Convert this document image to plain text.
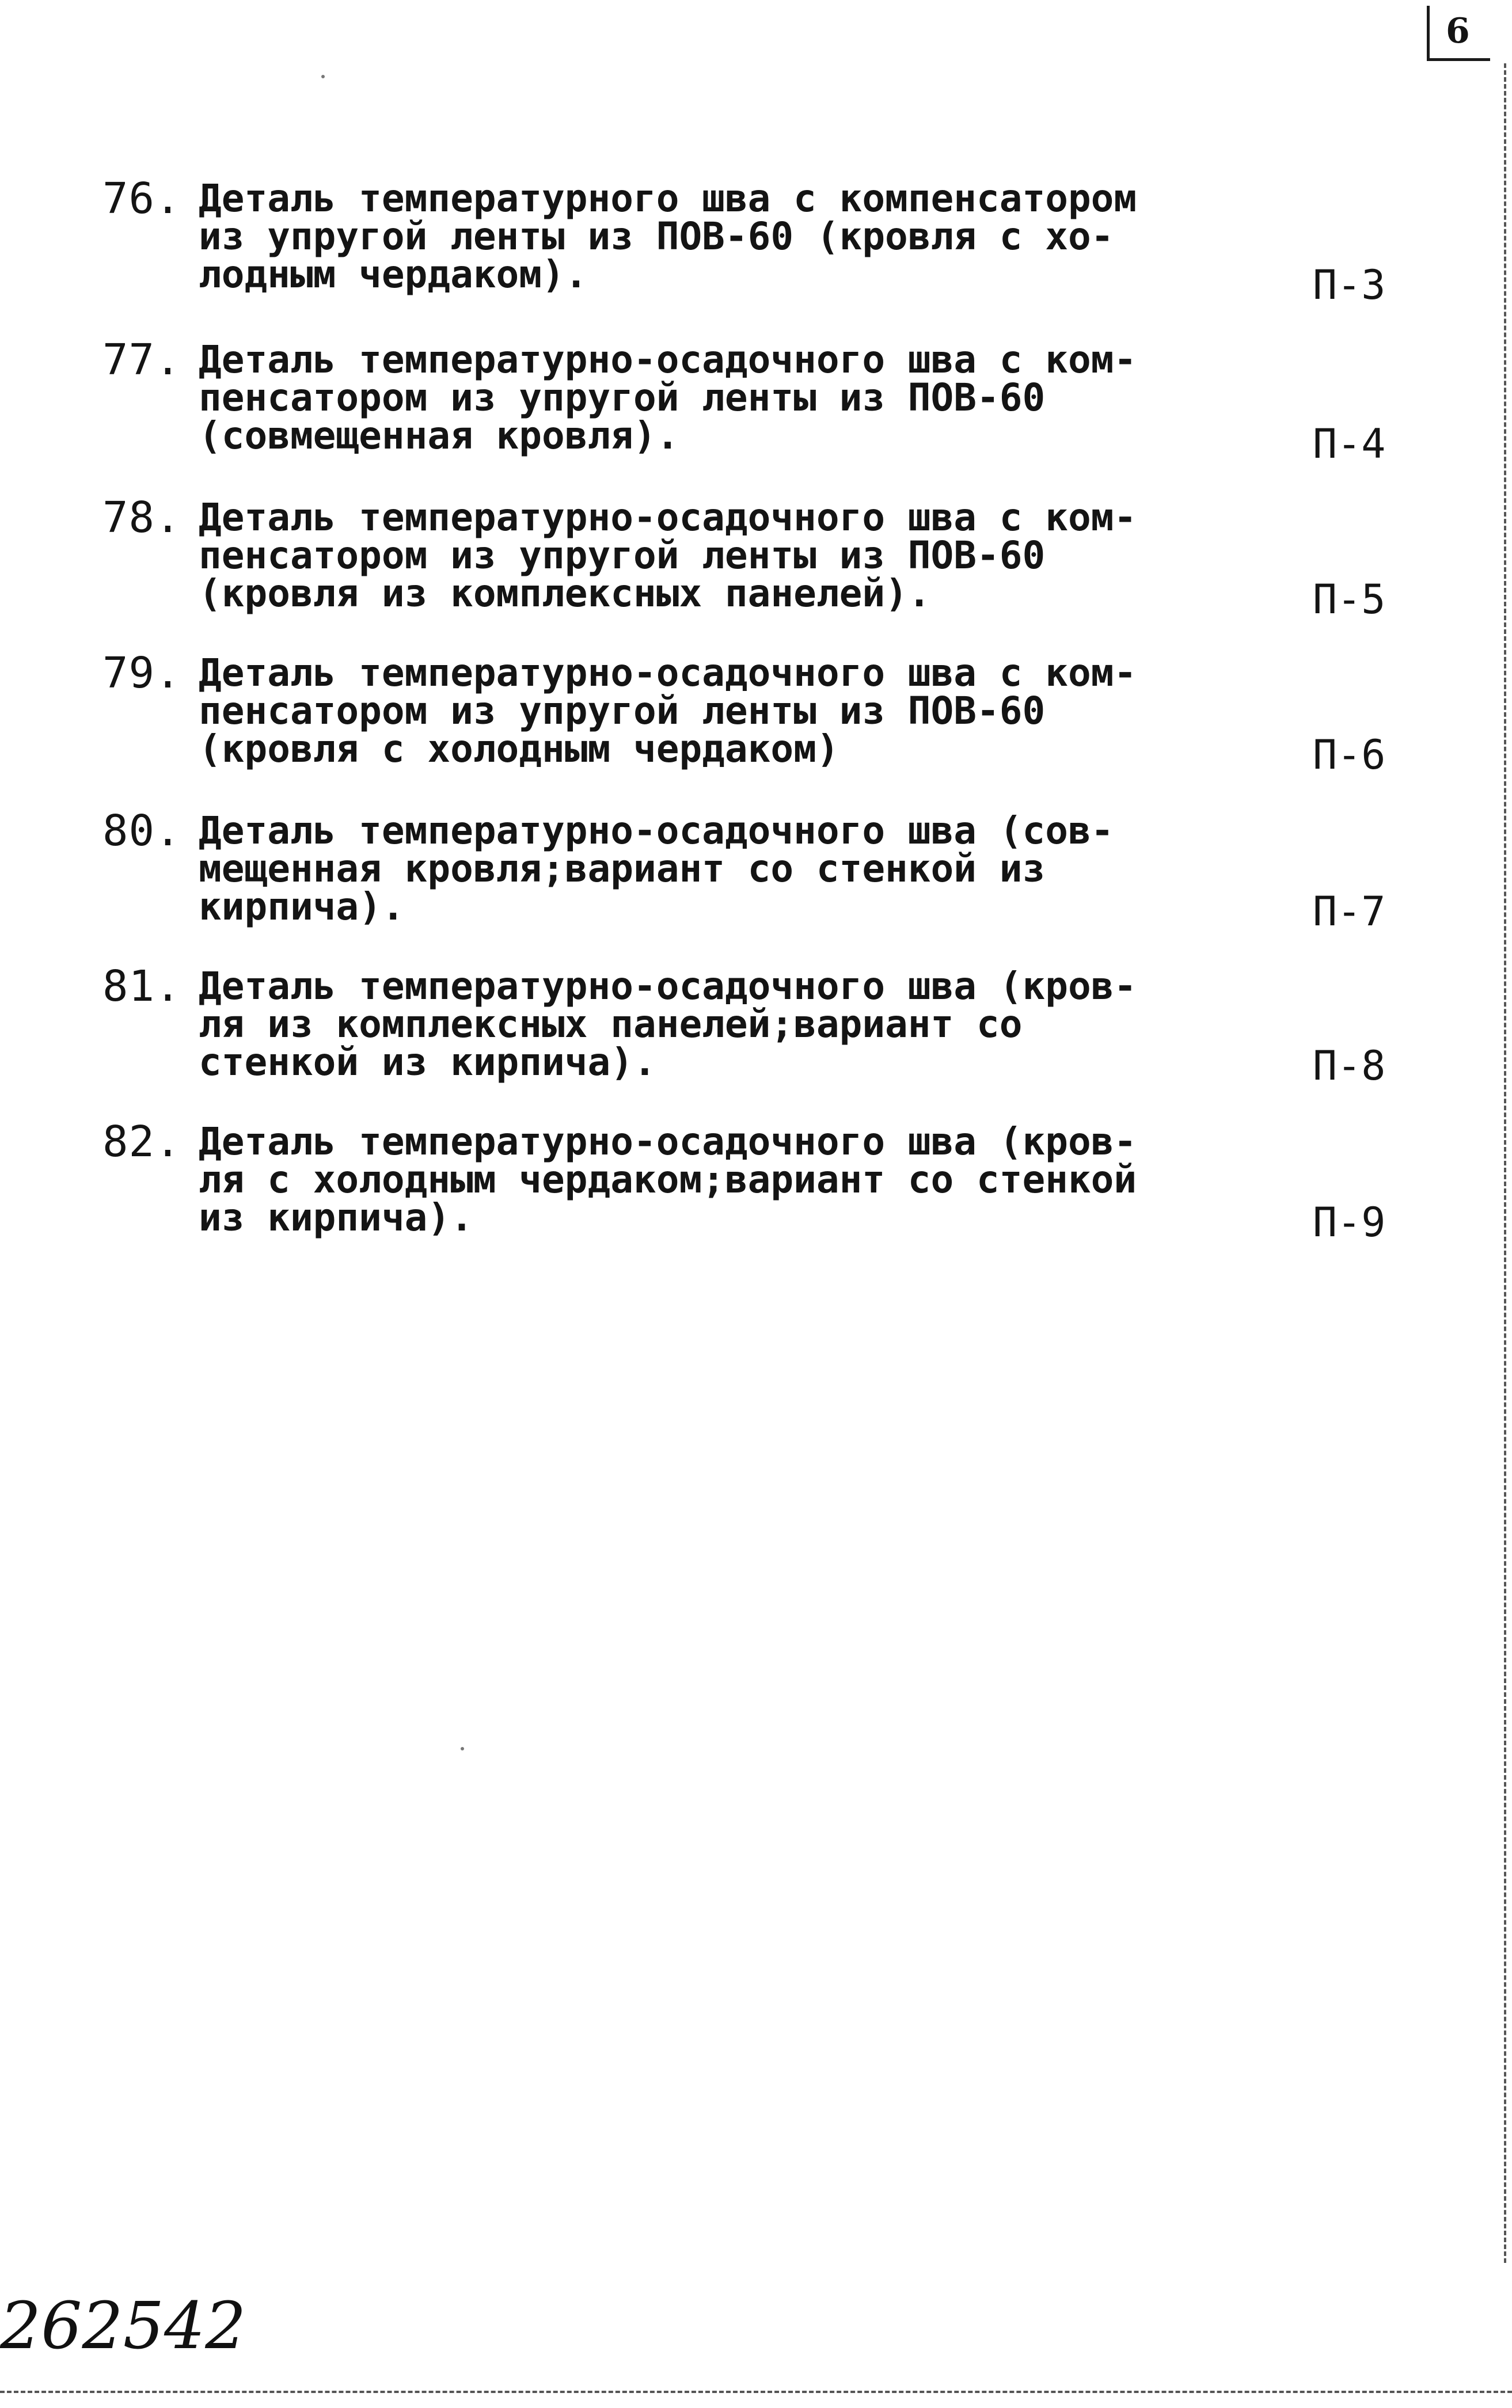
6
76. Деталь температурного шва с компенсатором
из упругой ленты из ПОВ-60 (кровля с хо-
лодным чердаком).	П-3
77. Деталь температурно-осадочного шва с ком-
пенсатором из упругой ленты из ПОВ-60
(совмещенная кровля).	П-4
78. Деталь температурно-осадочного шва с ком-
пенсатором из упругой ленты из ПОВ-60
(кровля из комплексных панелей).	П-5
79. Деталь температурно-осадочного шва с ком-
пенсатором из упругой ленты из ПОВ-60
(кровля с холодным чердаком)	П-6
80. Деталь температурно-осадочного шва (сов-
мещенная кровля;вариант со стенкой из
кирпича).	П-7
81. Деталь температурно-осадочного шва (кров-
ля из комплексных панелей;вариант со
стенкой из кирпича).	П-8
82. Деталь температурно-осадочного шва (кров-
ля с холодным чердаком;вариант со стенкой
из кирпича).	П-9
262542
